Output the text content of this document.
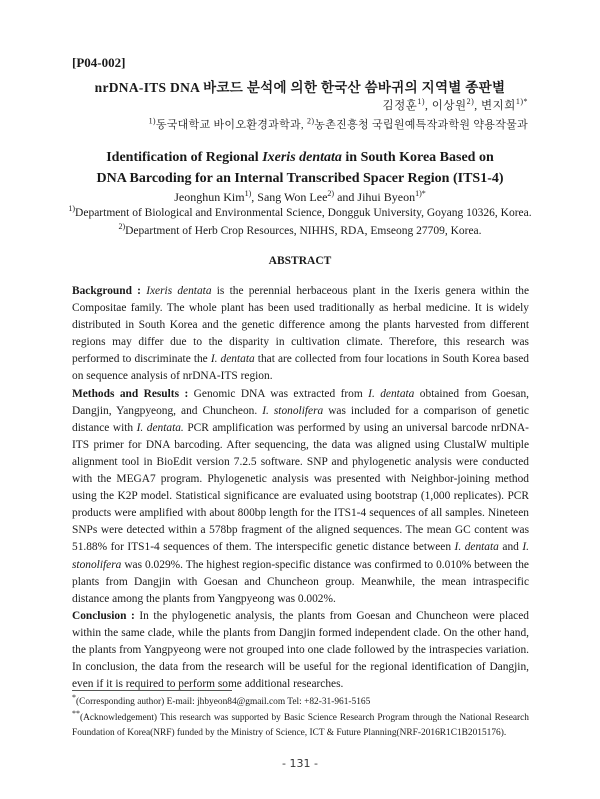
[P04-002]
nrDNA-ITS DNA 바코드 분석에 의한 한국산 씀바귀의 지역별 종판별
김정훈$^{1)}$, 이상원$^{2)}$, 변지희$^{1)*}$
$^{1)}$동국대학교 바이오환경과학과, $^{2)}$농촌진흥청 국립원예특작과학원 약용작물과
Identification of Regional Ixeris dentata in South Korea Based on
DNA Barcoding for an Internal Transcribed Spacer Region (ITS1-4)
Jeonghun Kim$^{1)}$, Sang Won Lee$^{2)}$ and Jihui Byeon$^{1)*}$
$^{1)}$Department of Biological and Environmental Science, Dongguk University, Goyang 10326, Korea.
$^{2)}$Department of Herb Crop Resources, NIHHS, RDA, Emseong 27709, Korea.
ABSTRACT

Background : Ixeris dentata is the perennial herbaceous plant in the Ixeris genera within the Compositae family. The whole plant has been used traditionally as herbal medicine. It is widely distributed in South Korea and the genetic difference among the plants harvested from different regions may differ due to the disparity in cultivation climate. Therefore, this research was performed to discriminate the I. dentata that are collected from four locations in South Korea based on sequence analysis of nrDNA-ITS region.

Methods and Results : Genomic DNA was extracted from I. dentata obtained from Goesan, Dangjin, Yangpyeong, and Chuncheon. I. stonolifera was included for a comparison of genetic distance with I. dentata. PCR amplification was performed by using an universal barcode nrDNA-ITS primer for DNA barcoding. After sequencing, the data was aligned using ClustalW multiple alignment tool in BioEdit version 7.2.5 software. SNP and phylogenetic analysis were conducted with the MEGA7 program. Phylogenetic analysis was presented with Neighbor-joining method using the K2P model. Statistical significance are evaluated using bootstrap (1,000 replicates). PCR products were amplified with about 800bp length for the ITS1-4 sequences of all samples. Nineteen SNPs were detected within a 578bp fragment of the aligned sequences. The mean GC content was 51.88% for ITS1-4 sequences of them. The interspecific genetic distance between I. dentata and I. stonolifera was 0.029%. The highest region-specific distance was confirmed to 0.010% between the plants from Dangjin with Goesan and Chuncheon group. Meanwhile, the mean intraspecific distance among the plants from Yangpyeong was 0.002%.

Conclusion : In the phylogenetic analysis, the plants from Goesan and Chuncheon were placed within the same clade, while the plants from Dangjin formed independent clade. On the other hand, the plants from Yangpyeong were not grouped into one clade followed by the intraspecies variation. In conclusion, the data from the research will be useful for the regional identification of Dangjin, even if it is required to perform some additional researches.

*(Corresponding author) E-mail: jhbyeon84@gmail.com Tel: +82-31-961-5165
**(Acknowledgement) This research was supported by Basic Science Research Program through the National Research Foundation of Korea(NRF) funded by the Ministry of Science, ICT & Future Planning(NRF-2016R1C1B2015176).
- 131 -
